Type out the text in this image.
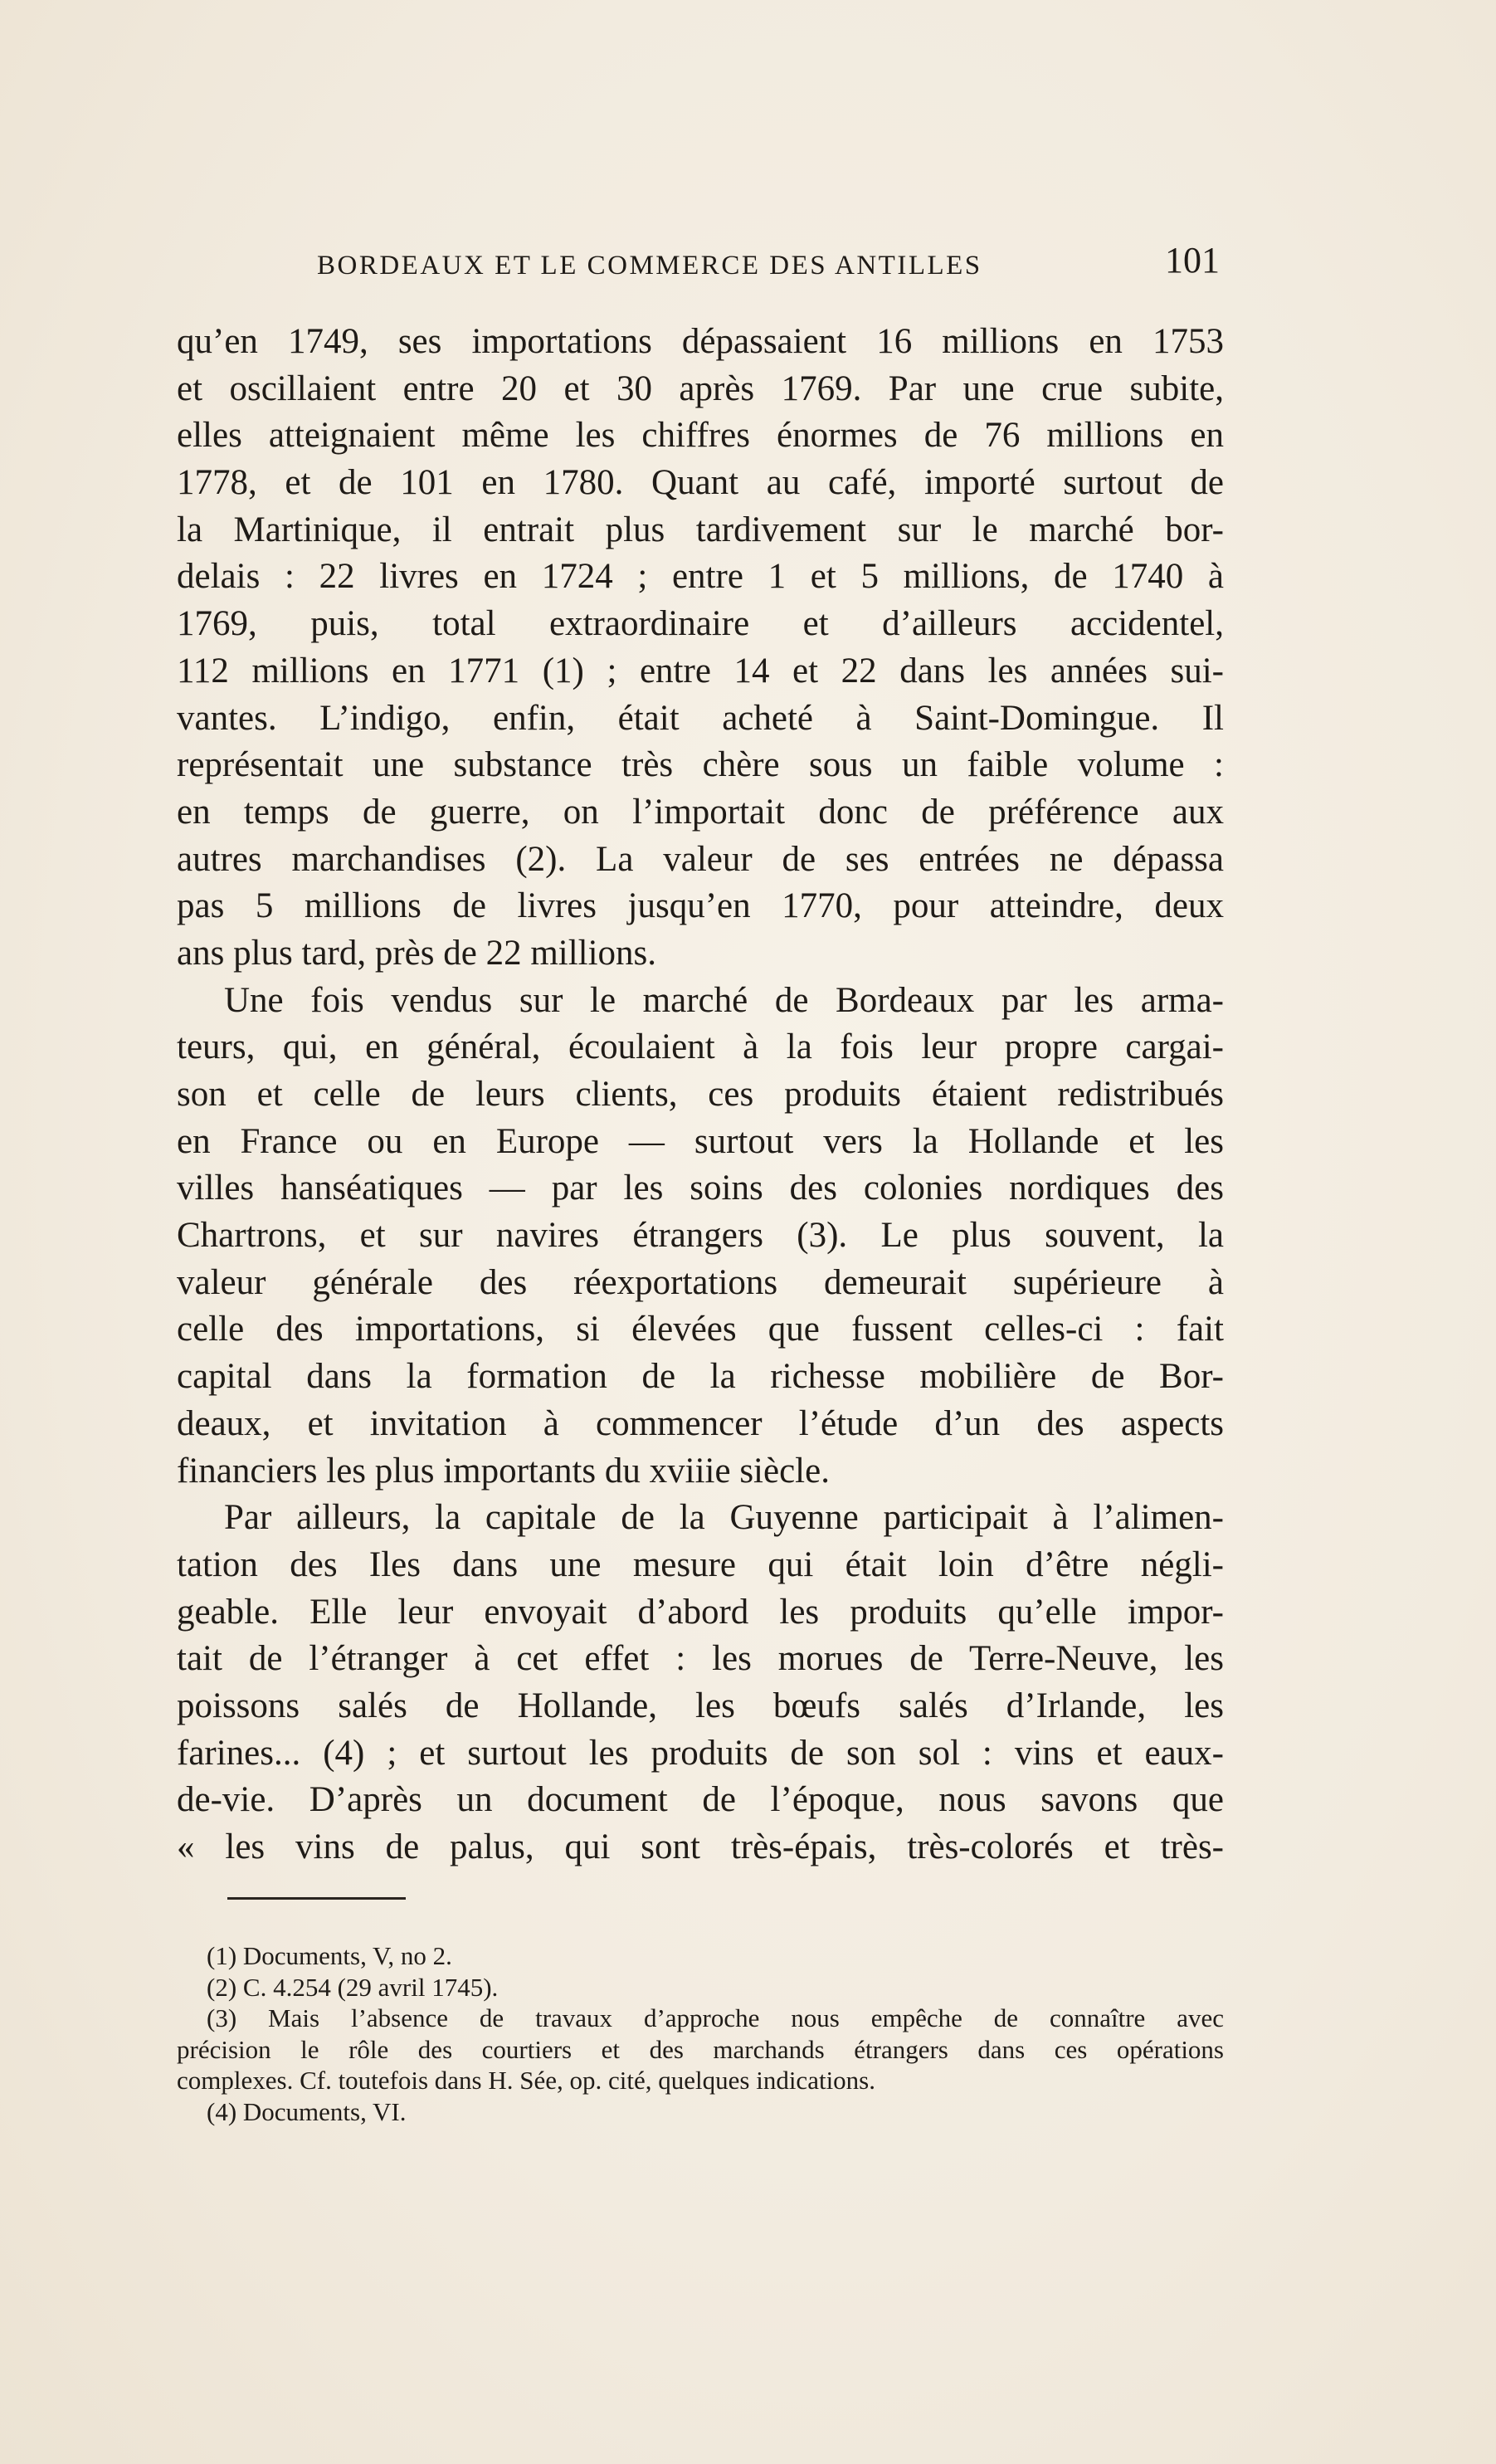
BORDEAUX ET LE COMMERCE DES ANTILLES	101
qu’en 1749, ses importations dépassaient 16 millions en 1753
et oscillaient entre 20 et 30 après 1769. Par une crue subite,
elles atteignaient même les chiffres énormes de 76 millions en
1778, et de 101 en 1780. Quant au café, importé surtout de
la Martinique, il entrait plus tardivement sur le marché bor-
delais : 22 livres en 1724 ; entre 1 et 5 millions, de 1740 à
1769, puis, total extraordinaire et d’ailleurs accidentel,
112 millions en 1771 (1) ; entre 14 et 22 dans les années sui-
vantes. L’indigo, enfin, était acheté à Saint-Domingue. Il
représentait une substance très chère sous un faible volume :
en temps de guerre, on l’importait donc de préférence aux
autres marchandises (2). La valeur de ses entrées ne dépassa
pas 5 millions de livres jusqu’en 1770, pour atteindre, deux
ans plus tard, près de 22 millions.
Une fois vendus sur le marché de Bordeaux par les arma-
teurs, qui, en général, écoulaient à la fois leur propre cargai-
son et celle de leurs clients, ces produits étaient redistribués
en France ou en Europe — surtout vers la Hollande et les
villes hanséatiques — par les soins des colonies nordiques des
Chartrons, et sur navires étrangers (3). Le plus souvent, la
valeur générale des réexportations demeurait supérieure à
celle des importations, si élevées que fussent celles-ci : fait
capital dans la formation de la richesse mobilière de Bor-
deaux, et invitation à commencer l’étude d’un des aspects
financiers les plus importants du xviiie siècle.
Par ailleurs, la capitale de la Guyenne participait à l’alimen-
tation des Iles dans une mesure qui était loin d’être négli-
geable. Elle leur envoyait d’abord les produits qu’elle impor-
tait de l’étranger à cet effet : les morues de Terre-Neuve, les
poissons salés de Hollande, les bœufs salés d’Irlande, les
farines... (4) ; et surtout les produits de son sol : vins et eaux-
de-vie. D’après un document de l’époque, nous savons que
« les vins de palus, qui sont très-épais, très-colorés et très-
(1) Documents, V, no 2.
(2) C. 4.254 (29 avril 1745).
(3) Mais l’absence de travaux d’approche nous empêche de connaître avec
précision le rôle des courtiers et des marchands étrangers dans ces opérations
complexes. Cf. toutefois dans H. Sée, op. cité, quelques indications.
(4) Documents, VI.
